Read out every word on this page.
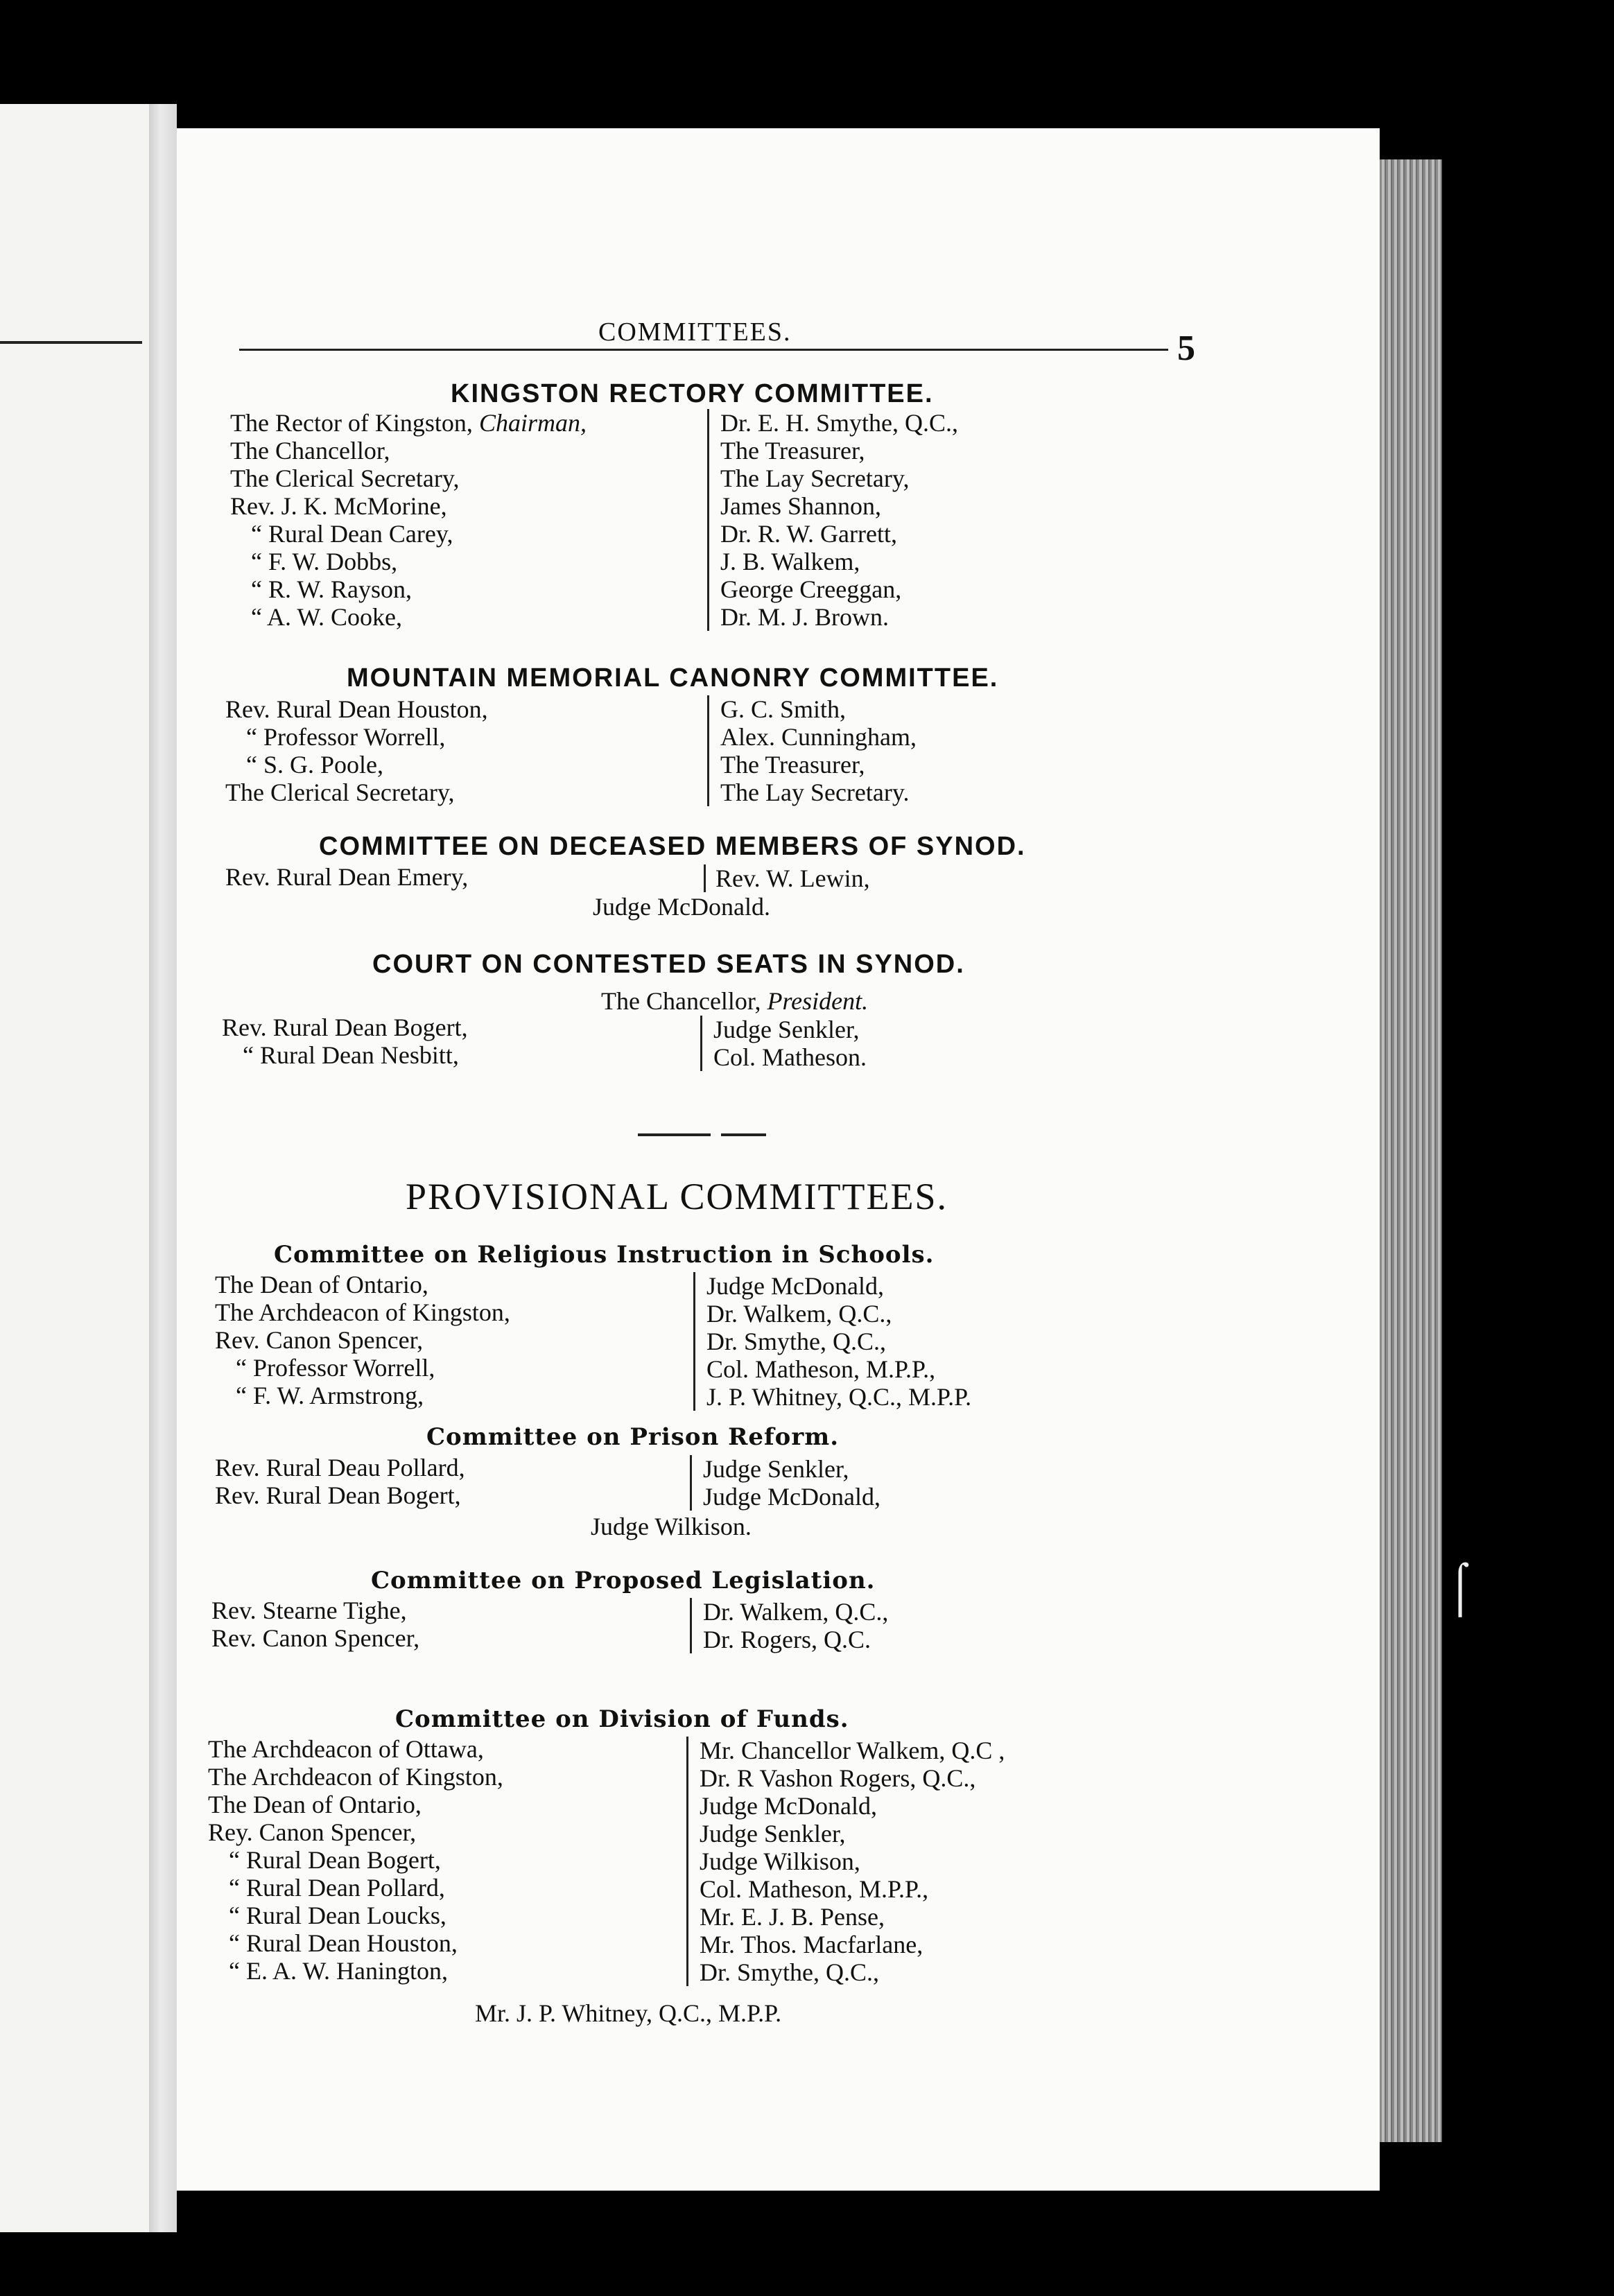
COMMITTEES.	5
KINGSTON RECTORY COMMITTEE.
The Rector of Kingston, Chairman,
The Chancellor,
The Clerical Secretary,
Rev. J. K. McMorine,
“ Rural Dean Carey,
“ F. W. Dobbs,
“ R. W. Rayson,
“ A. W. Cooke,
Dr. E. H. Smythe, Q.C.,
The Treasurer,
The Lay Secretary,
James Shannon,
Dr. R. W. Garrett,
J. B. Walkem,
George Creeggan,
Dr. M. J. Brown.
MOUNTAIN MEMORIAL CANONRY COMMITTEE.
Rev. Rural Dean Houston,
“ Professor Worrell,
“ S. G. Poole,
The Clerical Secretary,
G. C. Smith,
Alex. Cunningham,
The Treasurer,
The Lay Secretary.
COMMITTEE ON DECEASED MEMBERS OF SYNOD.
Rev. Rural Dean Emery,	Rev. W. Lewin,
Judge McDonald.
COURT ON CONTESTED SEATS IN SYNOD.
The Chancellor, President.
Rev. Rural Dean Bogert,
“ Rural Dean Nesbitt,
Judge Senkler,
Col. Matheson.
PROVISIONAL COMMITTEES.
Committee on Religious Instruction in Schools.
The Dean of Ontario,
The Archdeacon of Kingston,
Rev. Canon Spencer,
“ Professor Worrell,
“ F. W. Armstrong,
Judge McDonald,
Dr. Walkem, Q.C.,
Dr. Smythe, Q.C.,
Col. Matheson, M.P.P.,
J. P. Whitney, Q.C., M.P.P.
Committee on Prison Reform.
Rev. Rural Deau Pollard,
Rev. Rural Dean Bogert,
Judge Senkler,
Judge McDonald,
Judge Wilkison.
Committee on Proposed Legislation.
Rev. Stearne Tighe,
Rev. Canon Spencer,
Dr. Walkem, Q.C.,
Dr. Rogers, Q.C.
Committee on Division of Funds.
The Archdeacon of Ottawa,
The Archdeacon of Kingston,
The Dean of Ontario,
Rey. Canon Spencer,
“ Rural Dean Bogert,
“ Rural Dean Pollard,
“ Rural Dean Loucks,
“ Rural Dean Houston,
“ E. A. W. Hanington,
Mr. Chancellor Walkem, Q.C ,
Dr. R Vashon Rogers, Q.C.,
Judge McDonald,
Judge Senkler,
Judge Wilkison,
Col. Matheson, M.P.P.,
Mr. E. J. B. Pense,
Mr. Thos. Macfarlane,
Dr. Smythe, Q.C.,
Mr. J. P. Whitney, Q.C., M.P.P.
⌠
